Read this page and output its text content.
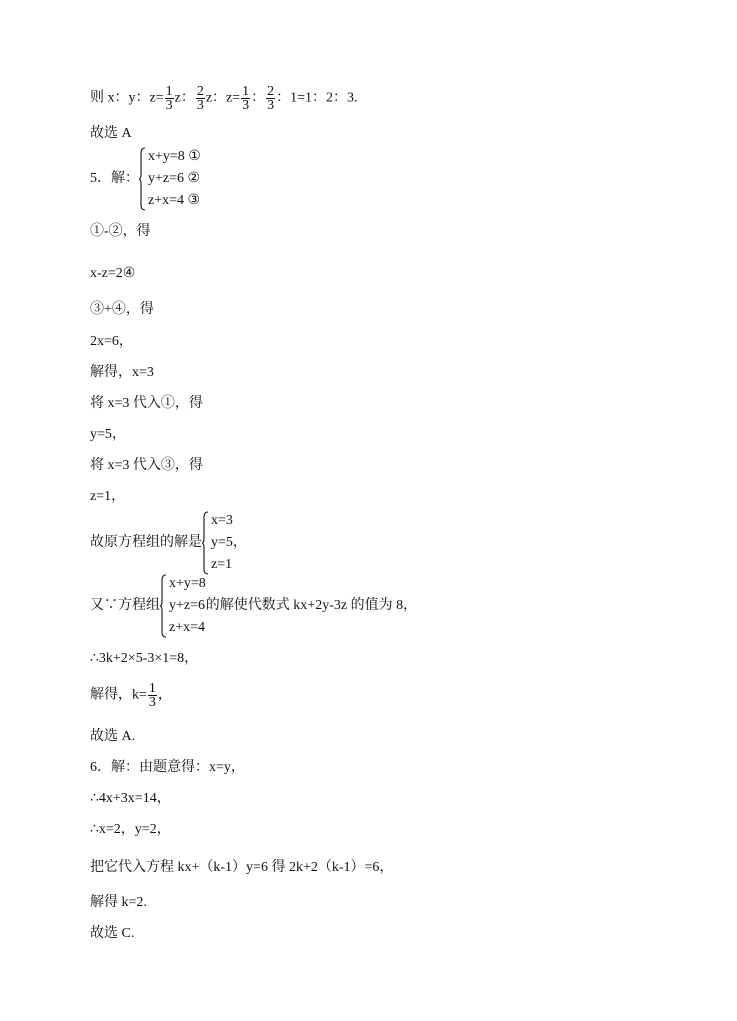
则 x：y：$z= \frac{1}{3}$ z： $\frac{2}{3}$ z：$z= \frac{1}{3}$ ： $\frac{2}{3}$ ：1=1：2：3.
故选 A
5．解：
x+y=8 ①
y+z=6 ②
z+x=4 ③
①-②，得
x-z=2④
③+④，得
2x=6，
解得，x=3
将 x=3 代入①，得
y=5，
将 x=3 代入③，得
z=1，
故原方程组的解是
x=3
y=5，
z=1
又∵方程组
x+y=8
y+z=6
z+x=4
的解使代数式 kx+2y-3z 的值为 8，
∴3k+2×5-3×1=8，
解得，$k= \frac{1}{3}$ ，
故选 A.
6．解：由题意得：x=y，
∴4x+3x=14，
∴x=2，y=2，
把它代入方程 kx+（k-1）y=6 得 2k+2（k-1）=6，
解得 k=2.
故选 C.
